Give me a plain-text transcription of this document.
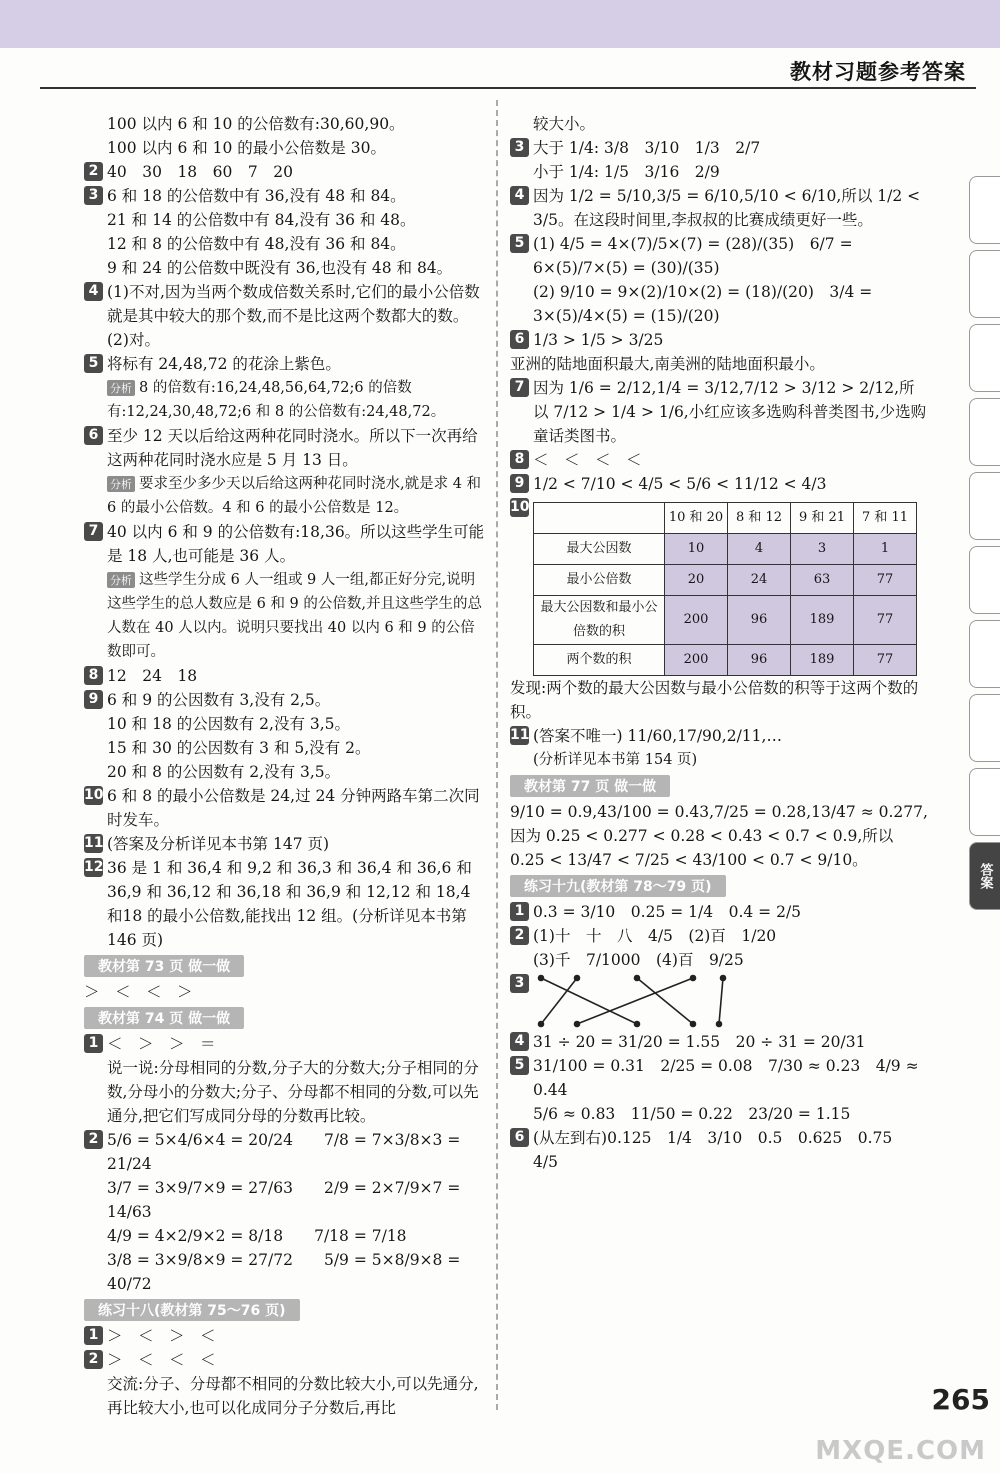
教材习题参考答案
答案

100 以内 6 和 10 的公倍数有:30,60,90。

100 以内 6 和 10 的最小公倍数是 30。

2 40　30　18　60　7　20
3 6 和 18 的公倍数中有 36,没有 48 和 84。

21 和 14 的公倍数中有 84,没有 36 和 48。

12 和 8 的公倍数中有 48,没有 36 和 84。

9 和 24 的公倍数中既没有 36,也没有 48 和 84。

4 (1)不对,因为当两个数成倍数关系时,它们的最小公倍数就是其中较大的那个数,而不是比这两个数都大的数。

(2)对。

5 将标有 24,48,72 的花涂上紫色。

分析 8 的倍数有:16,24,48,56,64,72;6 的倍数有:12,24,30,48,72;6 和 8 的公倍数有:24,48,72。

6 至少 12 天以后给这两种花同时浇水。所以下一次再给这两种花同时浇水应是 5 月 13 日。

分析 要求至少多少天以后给这两种花同时浇水,就是求 4 和 6 的最小公倍数。4 和 6 的最小公倍数是 12。

7 40 以内 6 和 9 的公倍数有:18,36。所以这些学生可能是 18 人,也可能是 36 人。

分析 这些学生分成 6 人一组或 9 人一组,都正好分完,说明这些学生的总人数应是 6 和 9 的公倍数,并且这些学生的总人数在 40 人以内。说明只要找出 40 以内 6 和 9 的公倍数即可。

8 12　24　18
9 6 和 9 的公因数有 3,没有 2,5。

10 和 18 的公因数有 2,没有 3,5。

15 和 30 的公因数有 3 和 5,没有 2。

20 和 8 的公因数有 2,没有 3,5。

10 6 和 8 的最小公倍数是 24,过 24 分钟两路车第二次同时发车。
11 (答案及分析详见本书第 147 页)
12 36 是 1 和 36,4 和 9,2 和 36,3 和 36,4 和 36,6 和 36,9 和 36,12 和 36,18 和 36,9 和 12,12 和 18,4 和18 的最小公倍数,能找出 12 组。(分析详见本书第 146 页)
教材第 73 页 做一做

＞　＜　＜　＞

教材第 74 页 做一做
1 ＜　＞　＞　＝

说一说:分母相同的分数,分子大的分数大;分子相同的分数,分母小的分数大;分子、分母都不相同的分数,可以先通分,把它们写成同分母的分数再比较。

2 5/6 = 5×4/6×4 = 20/24　　 7/8 = 7×3/8×3 = 21/24

3/7 = 3×9/7×9 = 27/63　　 2/9 = 2×7/9×7 = 14/63

4/9 = 4×2/9×2 = 8/18　　 7/18 = 7/18

3/8 = 3×9/8×9 = 27/72　　 5/9 = 5×8/9×8 = 40/72

练习十八(教材第 75～76 页)
1 ＞　＜　＞　＜
2 ＞　＜　＜　＜

交流:分子、分母都不相同的分数比较大小,可以先通分,再比较大小,也可以化成同分子分数后,再比

较大小。

3 大于 1/4:
3/8　3/10　1/3　2/7

小于 1/4: 1/5　3/16　2/9

4 因为 1/2 = 5/10,3/5 = 6/10,5/10 < 6/10,所以 1/2 < 3/5。在这段时间里,李叔叔的比赛成绩更好一些。
5 (1) 4/5 = 4×(7)/5×(7) = (28)/(35)　6/7 = 6×(5)/7×(5) = (30)/(35)

(2) 9/10 = 9×(2)/10×(2) = (18)/(20)　3/4 = 3×(5)/4×(5) = (15)/(20)

6 1/3 > 1/5 > 3/25

亚洲的陆地面积最大,南美洲的陆地面积最小。

7 因为 1/6 = 2/12,1/4 = 3/12,7/12 > 3/12 > 2/12,所以 7/12 > 1/4 > 1/6,小红应该多选购科普类图书,少选购童话类图书。
8 ＜　＜　＜　＜
9 1/2 < 7/10 < 4/5 < 5/6 < 11/12 < 4/3
10
	10 和 20	8 和 12	9 和 21	7 和 11
最大公因数	10	4	3	1
最小公倍数	20	24	63	77
最大公因数和最小公倍数的积	200	96	189	77
两个数的积	200	96	189	77

发现:两个数的最大公因数与最小公倍数的积等于这两个数的积。

11 (答案不唯一) 11/60,17/90,2/11,…

(分析详见本书第 154 页)

教材第 77 页 做一做

9/10 = 0.9,43/100 = 0.43,7/25 = 0.28,13/47 ≈ 0.277,因为 0.25 < 0.277 < 0.28 < 0.43 < 0.7 < 0.9,所以 0.25 < 13/47 < 7/25 < 43/100 < 0.7 < 9/10。

练习十九(教材第 78～79 页)
1 0.3 = 3/10　0.25 = 1/4　0.4 = 2/5
2 (1)十　十　八　4/5　(2)百　1/20

(3)千　7/1000　(4)百　9/25

3
4 31 ÷ 20 = 31/20 = 1.55　20 ÷ 31 = 20/31
5 31/100 = 0.31　2/25 = 0.08　7/30 ≈ 0.23　4/9 ≈ 0.44

5/6 ≈ 0.83　11/50 = 0.22　23/20 = 1.15

6 (从左到右)0.125　1/4　3/10　0.5　0.625　0.75　4/5
265
MXQE.COM
